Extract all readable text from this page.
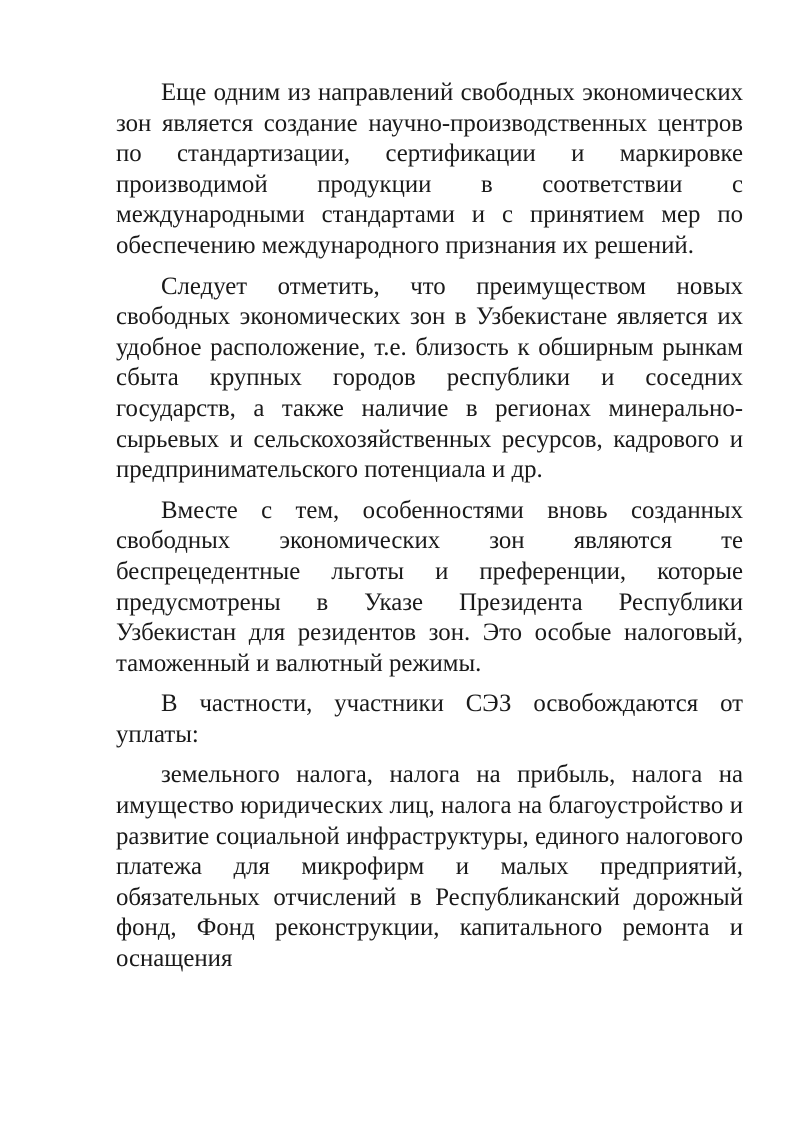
Еще одним из направлений свободных экономических зон является создание научно-производственных центров по стандартизации, сертификации и маркировке производимой продукции в соответствии с международными стандартами и с принятием мер по обеспечению международного признания их решений.

Следует отметить, что преимуществом новых свободных экономических зон в Узбекистане является их удобное расположение, т.е. близость к обширным рынкам сбыта крупных городов республики и соседних государств, а также наличие в регионах минерально-сырьевых и сельскохозяйственных ресурсов, кадрового и предпринимательского потенциала и др.

Вместе с тем, особенностями вновь созданных свободных экономических зон являются те беспрецедентные льготы и преференции, которые предусмотрены в Указе Президента Республики Узбекистан для резидентов зон. Это особые налоговый, таможенный и валютный режимы.

В частности, участники СЭЗ освобождаются от уплаты:

земельного налога, налога на прибыль, налога на имущество юридических лиц, налога на благоустройство и развитие социальной инфраструктуры, единого налогового платежа для микрофирм и малых предприятий, обязательных отчислений в Республиканский дорожный фонд, Фонд реконструкции, капитального ремонта и оснащения
